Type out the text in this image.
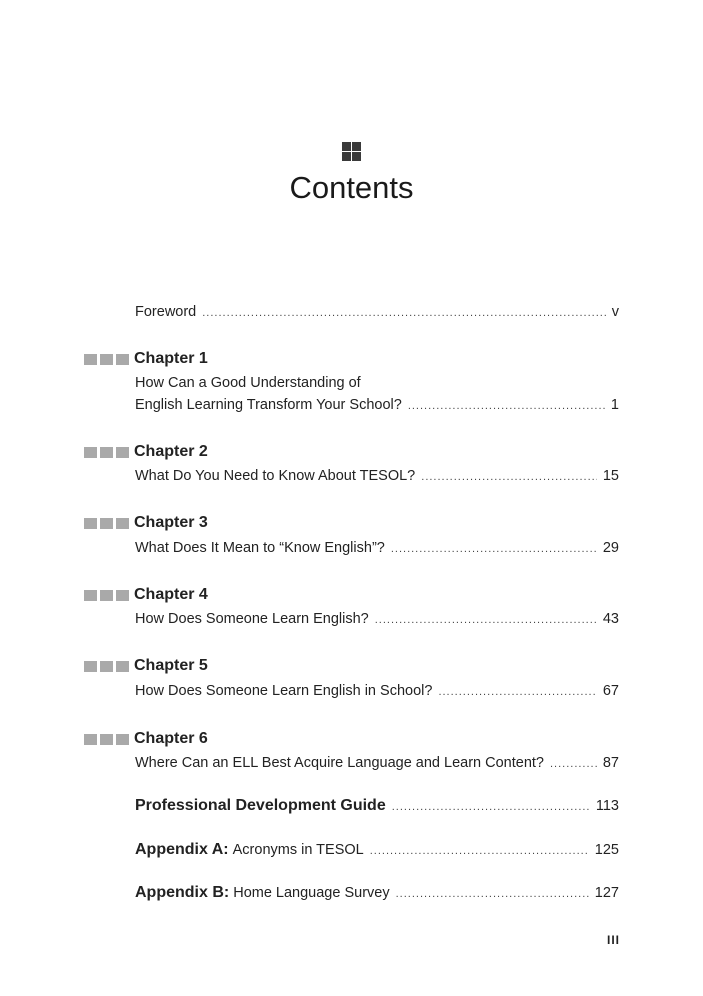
Contents
Foreword .....	v
Chapter 1
How Can a Good Understanding of
English Learning Transform Your School? .....	1
Chapter 2
What Do You Need to Know About TESOL? .....	15
Chapter 3
What Does It Mean to “Know English”? .....	29
Chapter 4
How Does Someone Learn English? .....	43
Chapter 5
How Does Someone Learn English in School? .....	67
Chapter 6
Where Can an ELL Best Acquire Language and Learn Content? .....	87
Professional Development Guide .....	113
Appendix A: Acronyms in TESOL .....	125
Appendix B: Home Language Survey .....	127
III
